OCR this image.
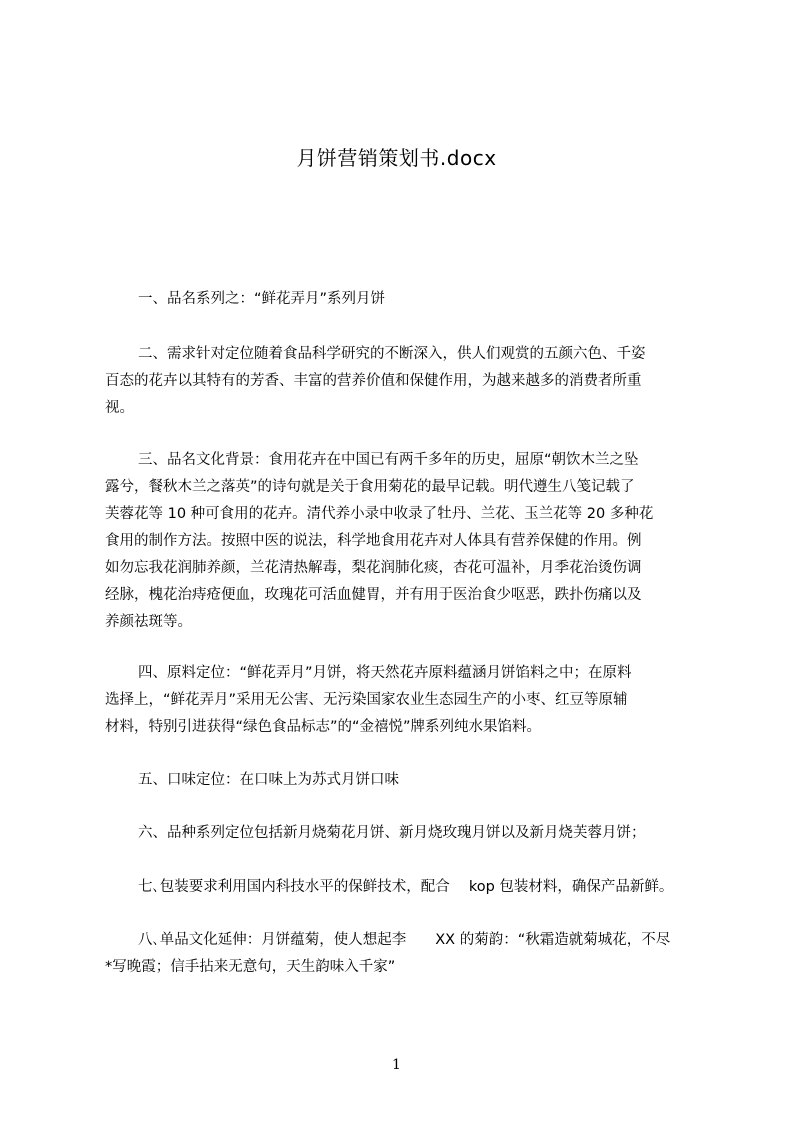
月饼营销策划书.docx
一、品名系列之：“鲜花弄月”系列月饼
二、需求针对定位随着食品科学研究的不断深入，供人们观赏的五颜六色、千姿
百态的花卉以其特有的芳香、丰富的营养价值和保健作用，为越来越多的消费者所重
视。
三、品名文化背景：食用花卉在中国已有两千多年的历史，屈原“朝饮木兰之坠
露兮，餐秋木兰之落英”的诗句就是关于食用菊花的最早记载。明代遵生八笺记载了
芙蓉花等 10 种可食用的花卉。清代养小录中收录了牡丹、兰花、玉兰花等 20 多种花
食用的制作方法。按照中医的说法，科学地食用花卉对人体具有营养保健的作用。例
如勿忘我花润肺养颜，兰花清热解毒，梨花润肺化痰，杏花可温补，月季花治烫伤调
经脉，槐花治痔疮便血，玫瑰花可活血健胃，并有用于医治食少呕恶，跌扑伤痛以及
养颜祛斑等。
四、原料定位：“鲜花弄月”月饼，将天然花卉原料蕴涵月饼馅料之中；在原料
选择上，“鲜花弄月”采用无公害、无污染国家农业生态园生产的小枣、红豆等原辅
材料，特别引进获得“绿色食品标志”的“金禧悦”牌系列纯水果馅料。
五、口味定位：在口味上为苏式月饼口味
六、品种系列定位包括新月烧菊花月饼、新月烧玫瑰月饼以及新月烧芙蓉月饼；
七､包装要求利用国内科技水平的保鲜技术，配合　 kop 包装材料，确保产品新鲜。
八､单品文化延伸：月饼蕴菊，使人想起李　　XX 的菊韵：“秋霜造就菊城花，不尽
*写晚霞；信手拈来无意句，天生韵味入千家”
1
